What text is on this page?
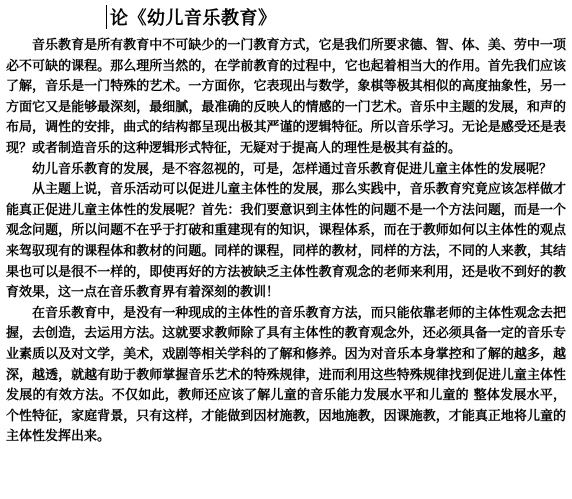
论《幼儿音乐教育》

音乐教育是所有教育中不可缺少的一门教育方式，它是我们所要求德、智、体、美、劳中一项必不可缺的课程。那么理所当然的，在学前教育的过程中，它也起着相当大的作用。首先我们应该了解，音乐是一门特殊的艺术。一方面你，它表现出与数学，象棋等极其相似的高度抽象性，另一方面它又是能够最深刻，最细腻，最准确的反映人的情感的一门艺术。音乐中主题的发展，和声的布局，调性的安排，曲式的结构都呈现出极其严谨的逻辑特征。所以音乐学习。无论是感受还是表现？或者制造音乐的这种逻辑形式特征，无疑对于提高人的理性是极其有益的。

幼儿音乐教育的发展，是不容忽视的，可是，怎样通过音乐教育促进儿童主体性的发展呢？

从主题上说，音乐活动可以促进儿童主体性的发展，那么实践中，音乐教育究竟应该怎样做才能真正促进儿童主体性的发展呢？首先：我们要意识到主体性的问题不是一个方法问题，而是一个观念问题，所以问题不在乎于打破和重建现有的知识，课程体系，而在于教师如何以主体性的观点来驾驭现有的课程体和教材的问题。同样的课程，同样的教材，同样的方法，不同的人来教，其结果也可以是很不一样的，即使再好的方法被缺乏主体性教育观念的老师来利用，还是收不到好的教育效果，这一点在音乐教育界有着深刻的教训！

在音乐教育中，是没有一种现成的主体性的音乐教育方法，而只能依靠老师的主体性观念去把握，去创造，去运用方法。这就要求教师除了具有主体性的教育观念外，还必须具备一定的音乐专业素质以及对文学，美术，戏剧等相关学科的了解和修养。因为对音乐本身掌控和了解的越多，越深，越透，就越有助于教师掌握音乐艺术的特殊规律，进而利用这些特殊规律找到促进儿童主体性发展的有效方法。不仅如此，教师还应该了解儿童的音乐能力发展水平和儿童的 整体发展水平，个性特征，家庭背景，只有这样，才能做到因材施教，因地施教，因课施教，才能真正地将儿童的主体性发挥出来。
